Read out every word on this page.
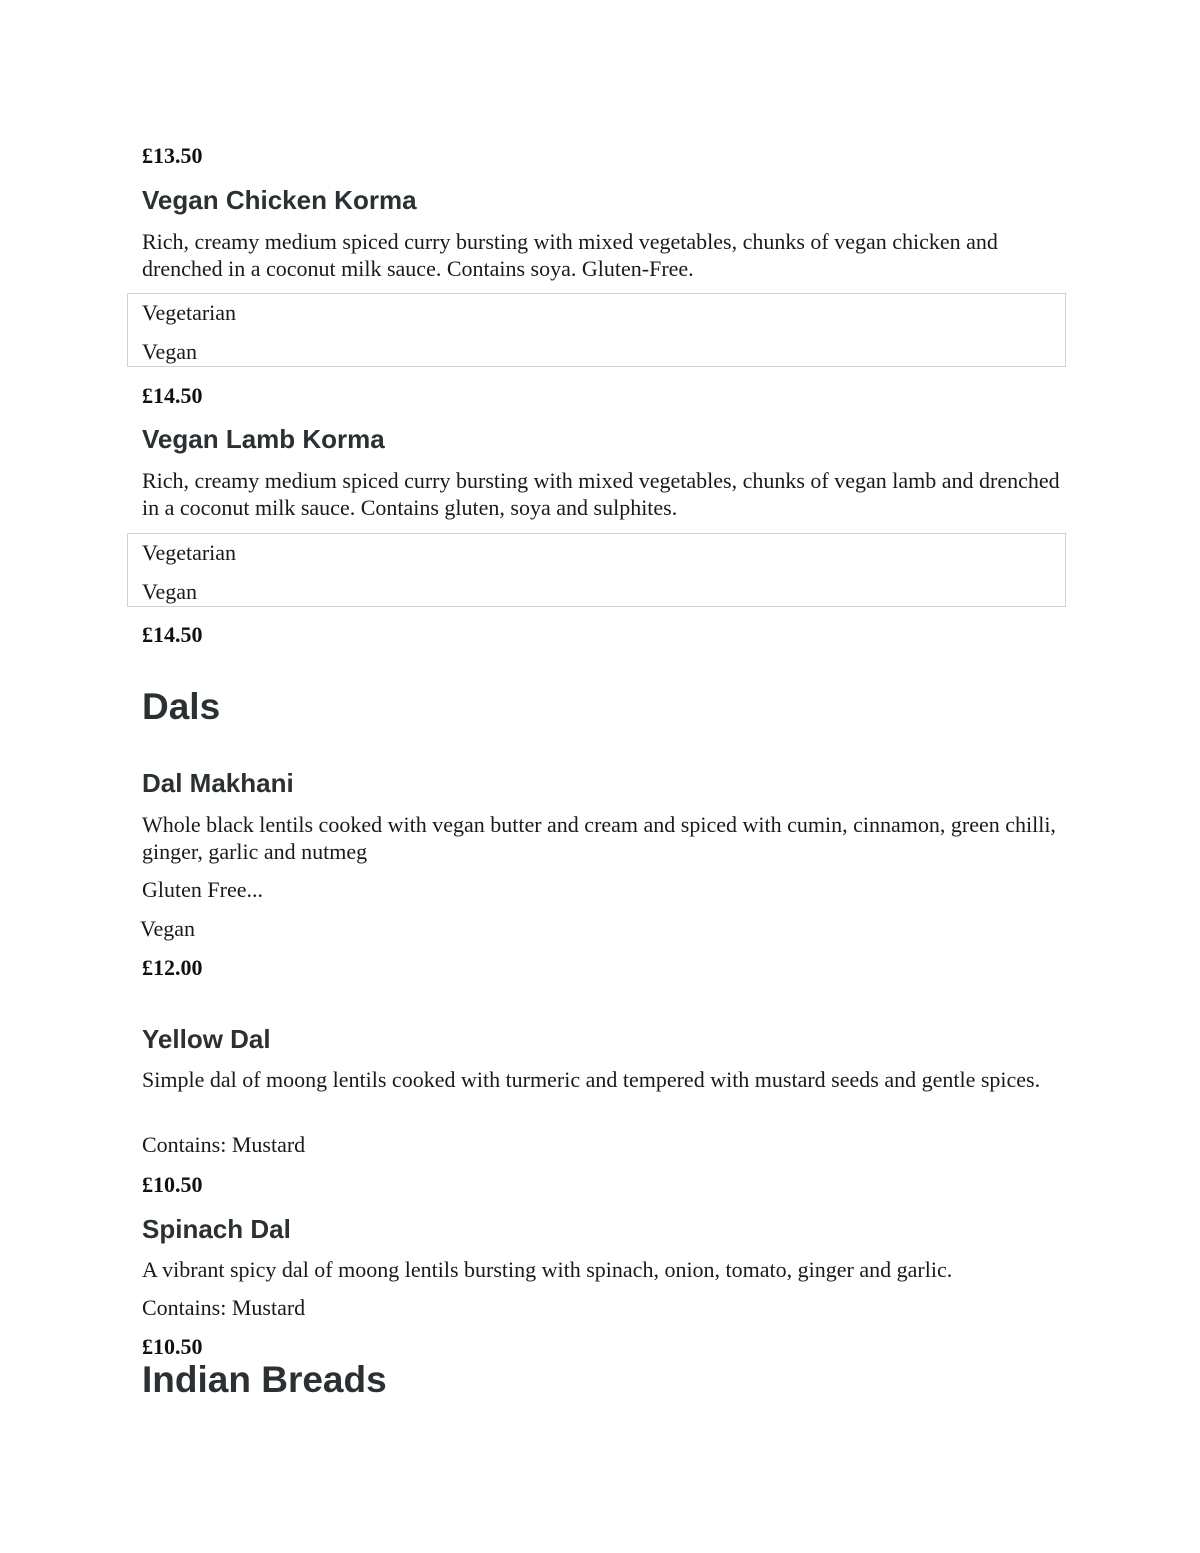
£13.50

Vegan Chicken Korma

Rich, creamy medium spiced curry bursting with mixed vegetables, chunks of vegan chicken and drenched in a coconut milk sauce. Contains soya. Gluten-Free.

Vegetarian
Vegan

£14.50

Vegan Lamb Korma

Rich, creamy medium spiced curry bursting with mixed vegetables, chunks of vegan lamb and drenched in a coconut milk sauce. Contains gluten, soya and sulphites.

Vegetarian
Vegan

£14.50

Dals
Dal Makhani

Whole black lentils cooked with vegan butter and cream and spiced with cumin, cinnamon, green chilli, ginger, garlic and nutmeg

Gluten Free...

Vegan

£12.00

Yellow Dal

Simple dal of moong lentils cooked with turmeric and tempered with mustard seeds and gentle spices.

Contains: Mustard

£10.50

Spinach Dal

A vibrant spicy dal of moong lentils bursting with spinach, onion, tomato, ginger and garlic.

Contains: Mustard

£10.50

Indian Breads
